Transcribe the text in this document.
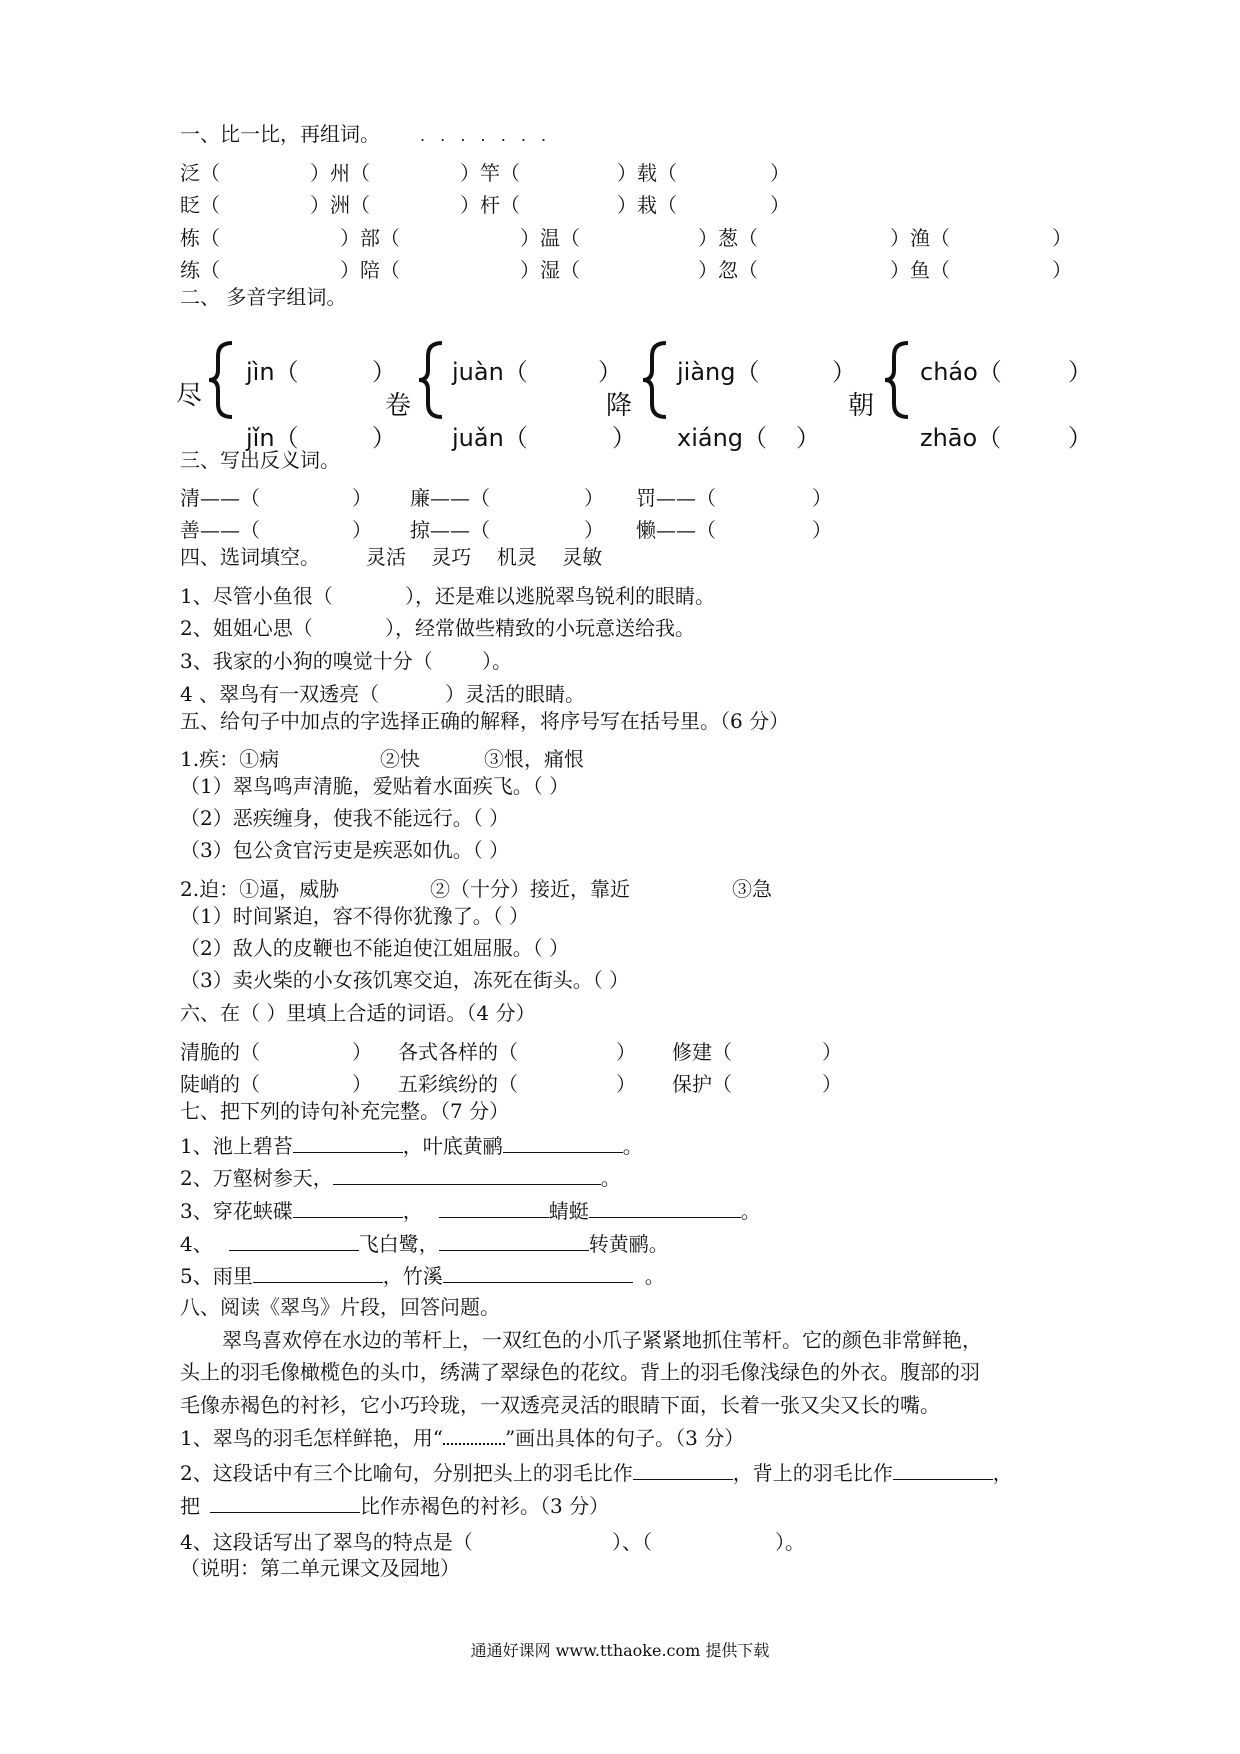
一、比一比，再组词。	. . . . . . .
泛（	）州（	）竿（	）载（	）
眨（	）洲（	）杆（	）栽（	）
栋（	）部（	）温（	）葱（	）渔（	）
练（	）陪（	）湿（	）忽（	）鱼（	）
二、 多音字组词。
尽
jìn（	）
jǐn（	）
卷
juàn（	）
juǎn（	）
降
jiàng（	）
xiáng（ ）
朝
cháo（	）
zhāo（	）
三、写出反义词。
清——（	） 廉——（	） 罚——（	）
善——（	） 掠——（	） 懒——（	）
四、选词填空。 灵活    灵巧    机灵    灵敏
1、尽管小鱼很（	），还是难以逃脱翠鸟锐利的眼睛。
2、姐姐心思（	），经常做些精致的小玩意送给我。
3、我家的小狗的嗅觉十分（ ）。
4 、翠鸟有一双透亮（	）灵活的眼睛。
五、给句子中加点的字选择正确的解释，将序号写在括号里。（6 分）
1.疾：①病	②快	③恨，痛恨
（1）翠鸟鸣声清脆，爱贴着水面疾飞。（ ）
（2）恶疾缠身，使我不能远行。（ ）
（3）包公贪官污吏是疾恶如仇。（ ）
2.迫：①逼，威胁	②（十分）接近，靠近	③急
（1）时间紧迫，容不得你犹豫了。（ ）
（2）敌人的皮鞭也不能迫使江姐屈服。（ ）
（3）卖火柴的小女孩饥寒交迫，冻死在街头。（ ）
六、在（ ）里填上合适的词语。（4 分）
清脆的（	） 各式各样的（	） 修建（	）
陡峭的（	） 五彩缤纷的（	） 保护（	）
七、把下列的诗句补充完整。（7 分）
1、池上碧苔	，叶底黄鹂	。
2、万壑树参天，	。
3、穿花蛱碟	，	蜻蜓	。
4、	飞白鹭，	转黄鹂。
5、雨里	，竹溪	。
八、阅读《翠鸟》片段，回答问题。
翠鸟喜欢停在水边的苇杆上，一双红色的小爪子紧紧地抓住苇杆。它的颜色非常鲜艳，
头上的羽毛像橄榄色的头巾，绣满了翠绿色的花纹。背上的羽毛像浅绿色的外衣。腹部的羽
毛像赤褐色的衬衫，它小巧玲珑，一双透亮灵活的眼睛下面，长着一张又尖又长的嘴。
1、翠鸟的羽毛怎样鲜艳，用“	”画出具体的句子。（3 分）
2、这段话中有三个比喻句，分别把头上的羽毛比作	，背上的羽毛比作	，
把	比作赤褐色的衬衫。（3 分）
4、这段话写出了翠鸟的特点是（	）、（	）。
（说明：第二单元课文及园地）
通通好课网 www.tthaoke.com 提供下载
